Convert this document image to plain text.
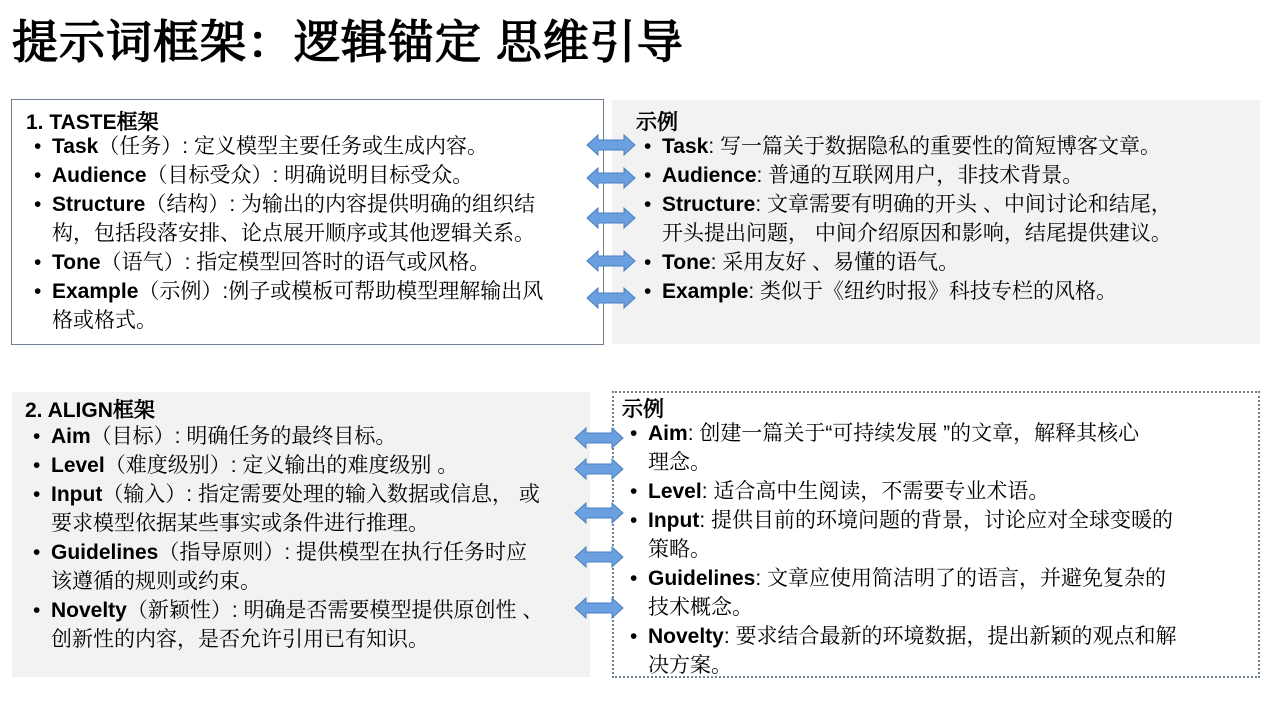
提示词框架：逻辑锚定 思维引导
1. TASTE框架
• Task（任务）: 定义模型主要任务或生成内容。
• Audience（目标受众）: 明确说明目标受众。
• Structure（结构）: 为输出的内容提供明确的组织结
构，包括段落安排、论点展开顺序或其他逻辑关系。
• Tone（语气）: 指定模型回答时的语气或风格。
• Example（示例）:例子或模板可帮助模型理解输出风
格或格式。
示例
• Task: 写一篇关于数据隐私的重要性的简短博客文章。
• Audience: 普通的互联网用户，非技术背景。
• Structure: 文章需要有明确的开头 、中间讨论和结尾，
开头提出问题， 中间介绍原因和影响，结尾提供建议。
• Tone: 采用友好 、易懂的语气。
• Example: 类似于《纽约时报》科技专栏的风格。
2. ALIGN框架
• Aim（目标）: 明确任务的最终目标。
• Level（难度级别）: 定义输出的难度级别 。
• Input（输入）: 指定需要处理的输入数据或信息， 或
要求模型依据某些事实或条件进行推理。
• Guidelines（指导原则）: 提供模型在执行任务时应
该遵循的规则或约束。
• Novelty（新颖性）: 明确是否需要模型提供原创性 、
创新性的内容，是否允许引用已有知识。
示例
• Aim: 创建一篇关于“可持续发展 ”的文章，解释其核心
理念。
• Level: 适合高中生阅读，不需要专业术语。
• Input: 提供目前的环境问题的背景，讨论应对全球变暖的
策略。
• Guidelines: 文章应使用简洁明了的语言，并避免复杂的
技术概念。
• Novelty: 要求结合最新的环境数据，提出新颖的观点和解
决方案。
